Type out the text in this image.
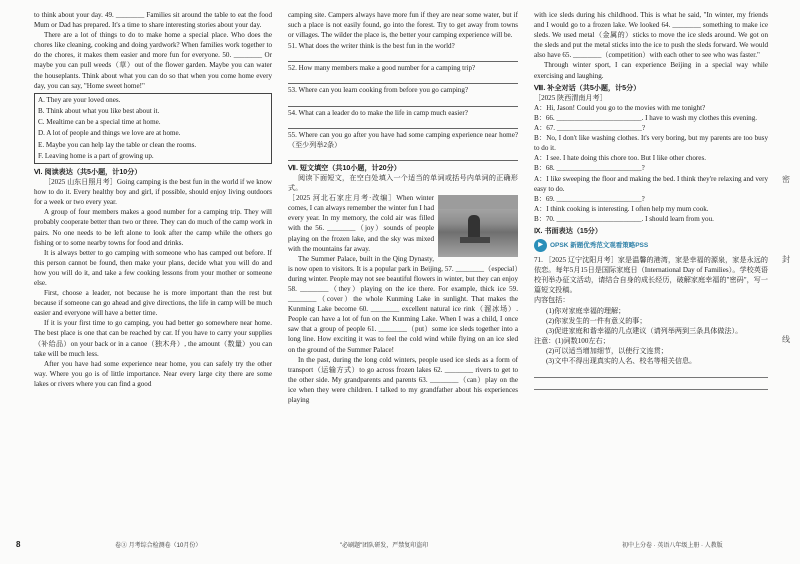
to think about your day. 49. ________ Families sit around the table to eat the food Mum or Dad has prepared. It's a time to share interesting stories about your day.

There are a lot of things to do to make home a special place. Who does the chores like cleaning, cooking and doing yardwork? When families work together to do the chores, it makes them easier and more fun for everyone. 50. ________ Or maybe you can pull weeds（草）out of the flower garden. Maybe you can water the houseplants. Think about what you can do so that when you come home every day, you can say, "Home sweet home!"

A. They are your loved ones.
B. Think about what you like best about it.
C. Mealtime can be a special time at home.
D. A lot of people and things we love are at home.
E. Maybe you can help lay the table or clean the rooms.
F. Leaving home is a part of growing up.

Ⅵ. 阅读表达（共5小题，计10分）

［2025 山东日照月考］Going camping is the best fun in the world if we know how to do it. Every healthy boy and girl, if possible, should enjoy living outdoors for a week or two every year.

A group of four members makes a good number for a camping trip. They will probably cooperate better than two or three. They can do much of the camp work in pairs. No one needs to be left alone to look after the camp while the others go fishing or to some nearby towns for food and drinks.

It is always better to go camping with someone who has camped out before. If this person cannot be found, then make your plans, decide what you will do and how you will do it, and take a few cooking lessons from your mother or someone else.

First, choose a leader, not because he is more important than the rest but because if someone can go ahead and give directions, the life in camp will be much easier and everyone will have a better time.

If it is your first time to go camping, you had better go somewhere near home. The best place is one that can be reached by car. If you have to carry your supplies（补给品）on your back or in a canoe（独木舟）, the amount（数量）you can take will be much less.

After you have had some experience near home, you can safely try the other way. Where you go is of little importance. Near every large city there are some lakes or rivers where you can find a good

camping site. Campers always have more fun if they are near some water, but if such a place is not easily found, go into the forest. Try to get away from towns or villages. The wilder the place is, the better your camping experience will be.

51. What does the writer think is the best fun in the world?

52. How many members make a good number for a camping trip?

53. Where can you learn cooking from before you go camping?

54. What can a leader do to make the life in camp much easier?

55. Where can you go after you have had some camping experience near home?（至少列举2条）

Ⅶ. 短文填空（共10小题，计20分）

阅读下面短文，在空白处填入一个适当的单词或括号内单词的正确形式。

［2025 河北石家庄月考·改编］When winter comes, I can always remember the winter fun I had every year. In my memory, the cold air was filled with the 56. ________（joy）sounds of people playing on the frozen lake, and the sky was mixed with the mountains far away.

The Summer Palace, built in the Qing Dynasty, is now open to visitors. It is a popular park in Beijing, 57. ________（especial）during winter. People may not see beautiful flowers in winter, but they can enjoy 58. ________（they）playing on the ice there. For example, thick ice 59. ________（cover）the whole Kunming Lake in sunlight. That makes the Kunming Lake become 60. ________ excellent natural ice rink（溜冰场）. People can have a lot of fun on the Kunming Lake. When I was a child, I once saw that a group of people 61. ________（put）some ice sleds together into a long line. How exciting it was to feel the cold wind while flying on an ice sled on the ground of the Summer Palace!

In the past, during the long cold winters, people used ice sleds as a form of transport（运输方式）to go across frozen lakes 62. ________ rivers to get to the other side. My grandparents and parents 63. ________（can）play on the ice when they were children. I talked to my grandfather about his experiences playing

with ice sleds during his childhood. This is what he said, "In winter, my friends and I would go to a frozen lake. We looked 64. ________ something to make ice sleds. We used metal（金属的）sticks to move the ice sleds around. We got on the sleds and put the metal sticks into the ice to push the sleds forward. We would also have 65. ________（competition）with each other to see who was faster."

Through winter sport, I can experience Beijing in a special way while exercising and laughing.

Ⅷ. 补全对话（共5小题，计5分）

［2025 陕西渭南月考］

A：Hi, Jason! Could you go to the movies with me tonight?

B：66. ________________________. I have to wash my clothes this evening.

A：67. ________________________?

B：No, I don't like washing clothes. It's very boring, but my parents are too busy to do it.

A：I see. I hate doing this chore too. But I like other chores.

B：68. ________________________?

A：I like sweeping the floor and making the bed. I think they're relaxing and very easy to do.

B：69. ________________________?

A：I think cooking is interesting. I often help my mum cook.

B：70. ________________________. I should learn from you.

Ⅸ. 书面表达（15分）

▶	OPSK 新题优秀范文观看策略PSS

71. ［2025 辽宁沈阳月考］家是温馨的港湾，家是幸福的源泉，家是永远的依恋。每年5月15日是国际家庭日（International Day of Families）。学校英语校刊举办征文活动，请结合自身的成长经历，破解家庭幸福的"密码"，写一篇短文投稿。

内容包括：

(1)你对家庭幸福的理解；

(2)你家发生的一件有意义的事；

(3)促进家庭和谐幸福的几点建议（请列举两到三条具体做法）。

注意：(1)词数100左右；

(2)可以适当增加细节，以使行文连贯；

(3)文中不得出现真实的人名、校名等相关信息。

密
封
线
8	卷③ 月考综合检测卷（10月份）	"必刷题"团队研发，严禁复印盗印	初中上分卷 · 英语八年级上册 · 人教版
